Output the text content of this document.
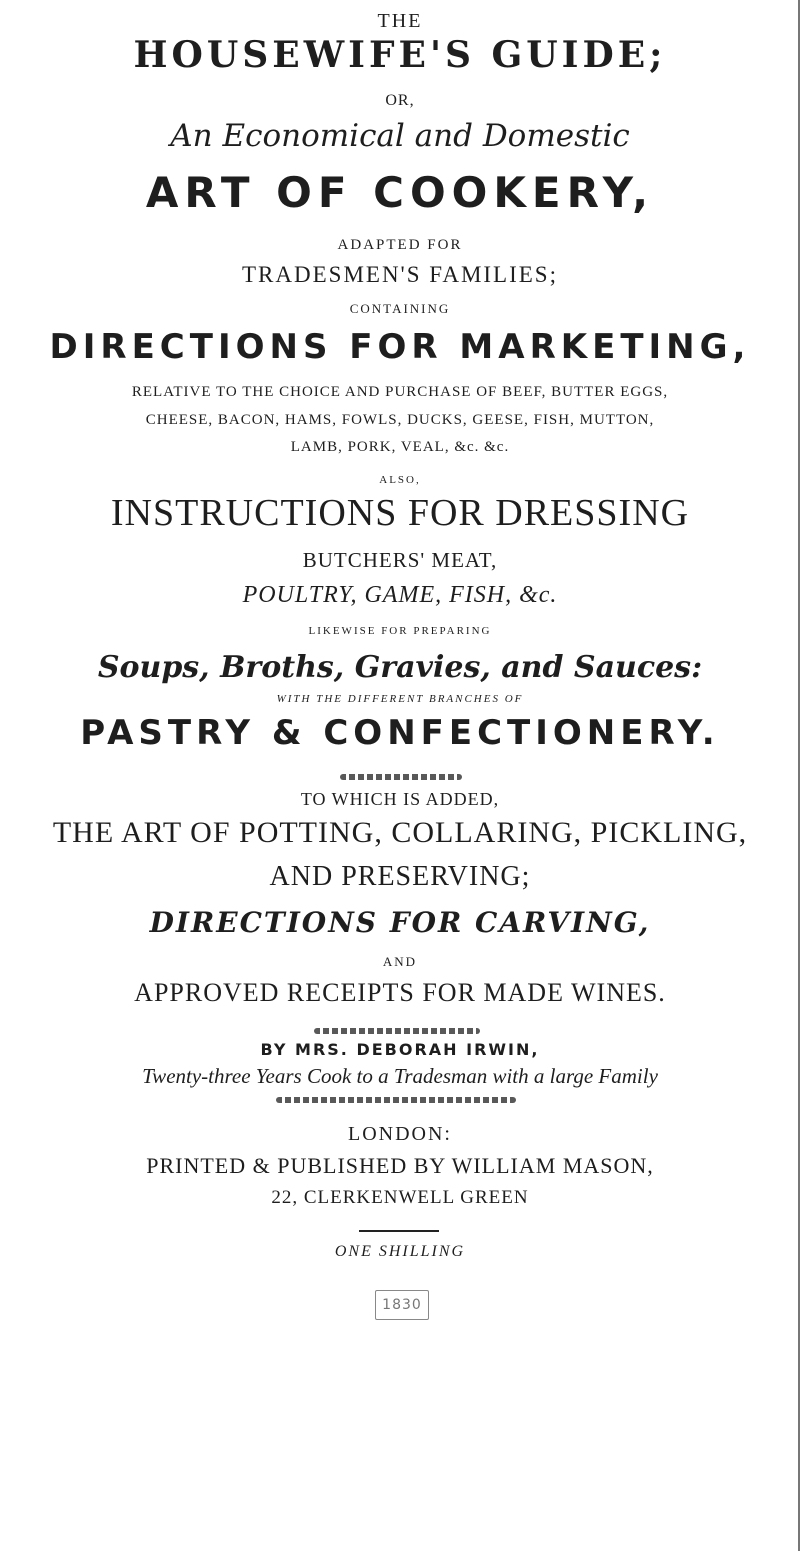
THE
HOUSEWIFE'S GUIDE;
OR,
An Economical and Domestic
ART OF COOKERY,
ADAPTED FOR
TRADESMEN'S FAMILIES;
CONTAINING
DIRECTIONS FOR MARKETING,
RELATIVE TO THE CHOICE AND PURCHASE OF BEEF, BUTTER EGGS,
CHEESE, BACON, HAMS, FOWLS, DUCKS, GEESE, FISH, MUTTON,
LAMB, PORK, VEAL, &c. &c.
ALSO,
INSTRUCTIONS FOR DRESSING
BUTCHERS' MEAT,
POULTRY, GAME, FISH, &c.
LIKEWISE FOR PREPARING
Soups, Broths, Gravies, and Sauces:
WITH THE DIFFERENT BRANCHES OF
PASTRY & CONFECTIONERY.
TO WHICH IS ADDED,
THE ART OF POTTING, COLLARING, PICKLING,
AND PRESERVING;
DIRECTIONS FOR CARVING,
AND
APPROVED RECEIPTS FOR MADE WINES.
BY MRS. DEBORAH IRWIN,
Twenty-three Years Cook to a Tradesman with a large Family
LONDON:
PRINTED & PUBLISHED BY WILLIAM MASON,
22, CLERKENWELL GREEN
ONE SHILLING
1830
